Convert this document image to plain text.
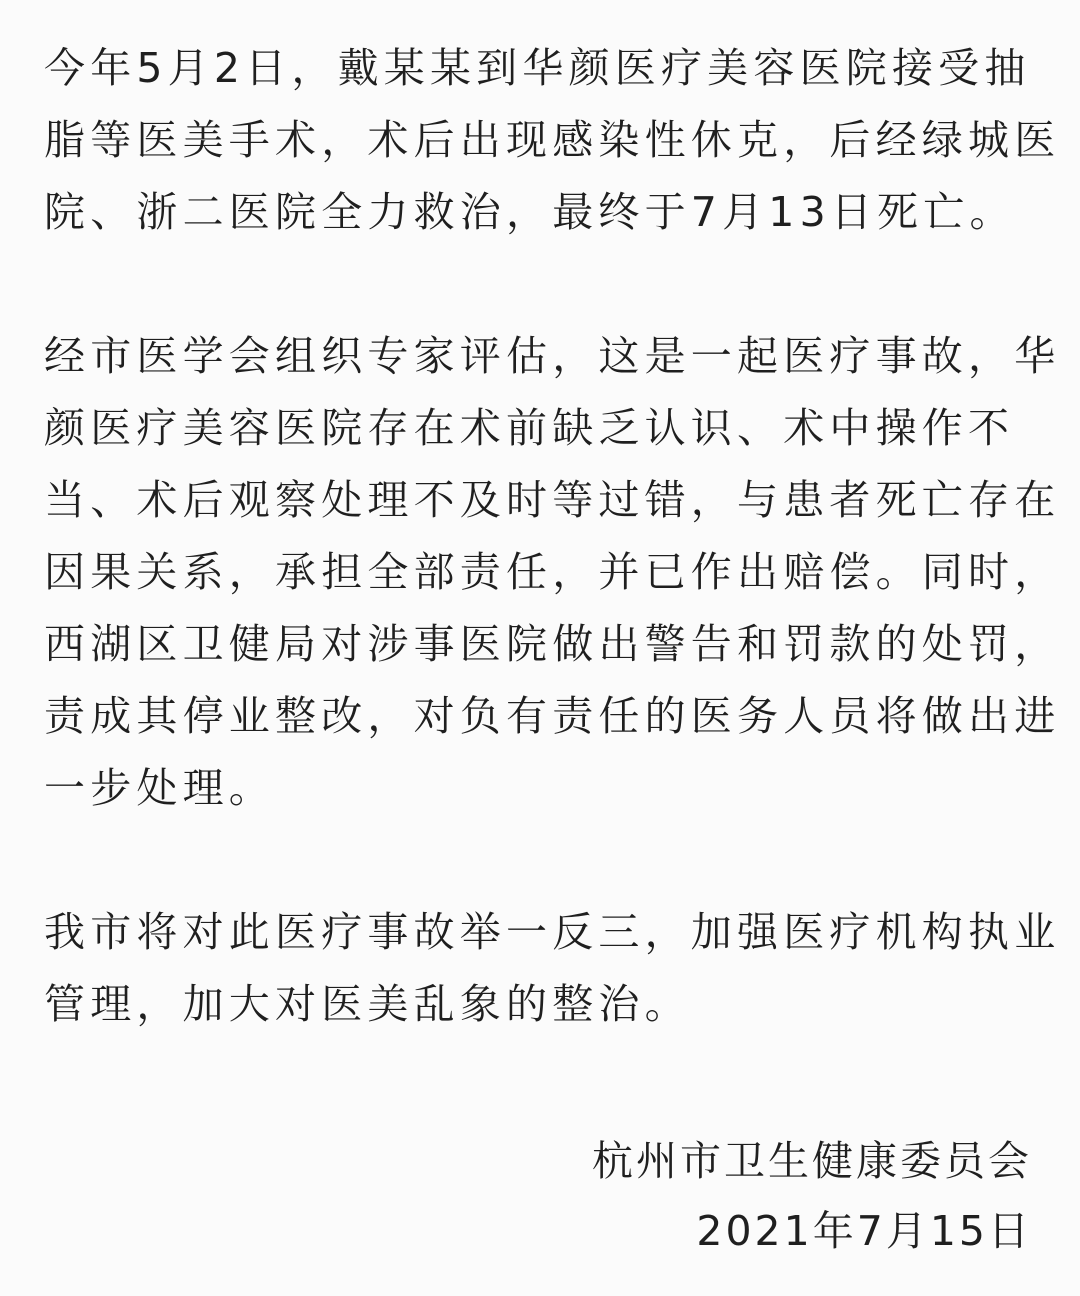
今年5月2日，戴某某到华颜医疗美容医院接受抽
脂等医美手术，术后出现感染性休克，后经绿城医
院、浙二医院全力救治，最终于7月13日死亡。
经市医学会组织专家评估，这是一起医疗事故，华
颜医疗美容医院存在术前缺乏认识、术中操作不
当、术后观察处理不及时等过错，与患者死亡存在
因果关系，承担全部责任，并已作出赔偿。同时，
西湖区卫健局对涉事医院做出警告和罚款的处罚，
责成其停业整改，对负有责任的医务人员将做出进
一步处理。
我市将对此医疗事故举一反三，加强医疗机构执业
管理，加大对医美乱象的整治。
杭州市卫生健康委员会
2021年7月15日
